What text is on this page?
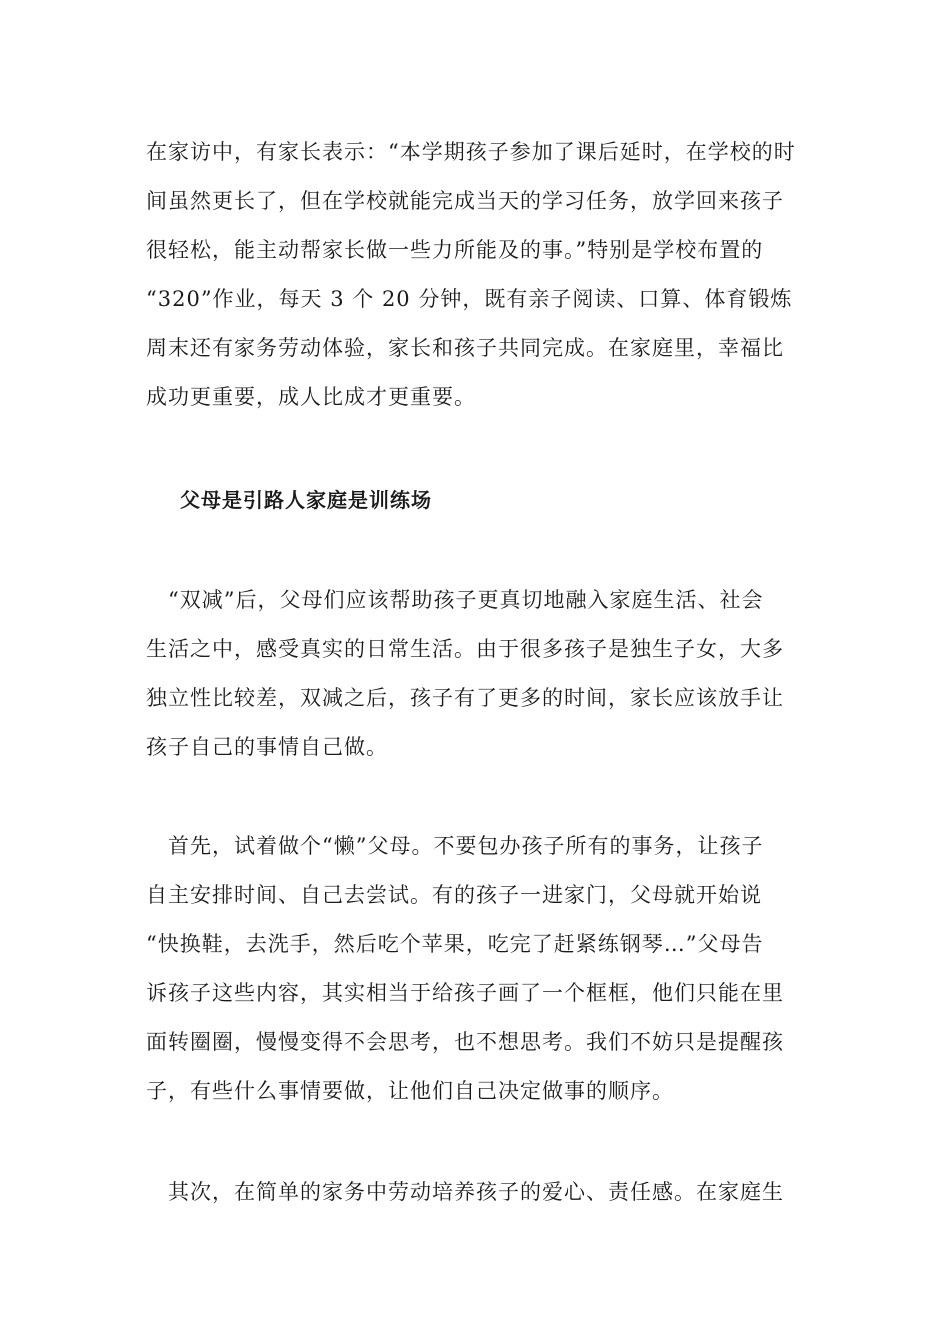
在家访中，有家长表示：“本学期孩子参加了课后延时，在学校的时
间虽然更长了，但在学校就能完成当天的学习任务，放学回来孩子
很轻松，能主动帮家长做一些力所能及的事。”特别是学校布置的
“320”作业，每天 3 个 20 分钟，既有亲子阅读、口算、体育锻炼
周末还有家务劳动体验，家长和孩子共同完成。在家庭里，幸福比
成功更重要，成人比成才更重要。

父母是引路人家庭是训练场

　“双减”后，父母们应该帮助孩子更真切地融入家庭生活、社会
生活之中，感受真实的日常生活。由于很多孩子是独生子女，大多
独立性比较差，双减之后，孩子有了更多的时间，家长应该放手让
孩子自己的事情自己做。

　首先，试着做个“懒”父母。不要包办孩子所有的事务，让孩子
自主安排时间、自己去尝试。有的孩子一进家门，父母就开始说
“快换鞋，去洗手，然后吃个苹果，吃完了赶紧练钢琴…”父母告
诉孩子这些内容，其实相当于给孩子画了一个框框，他们只能在里
面转圈圈，慢慢变得不会思考，也不想思考。我们不妨只是提醒孩
子，有些什么事情要做，让他们自己决定做事的顺序。

　其次，在简单的家务中劳动培养孩子的爱心、责任感。在家庭生
